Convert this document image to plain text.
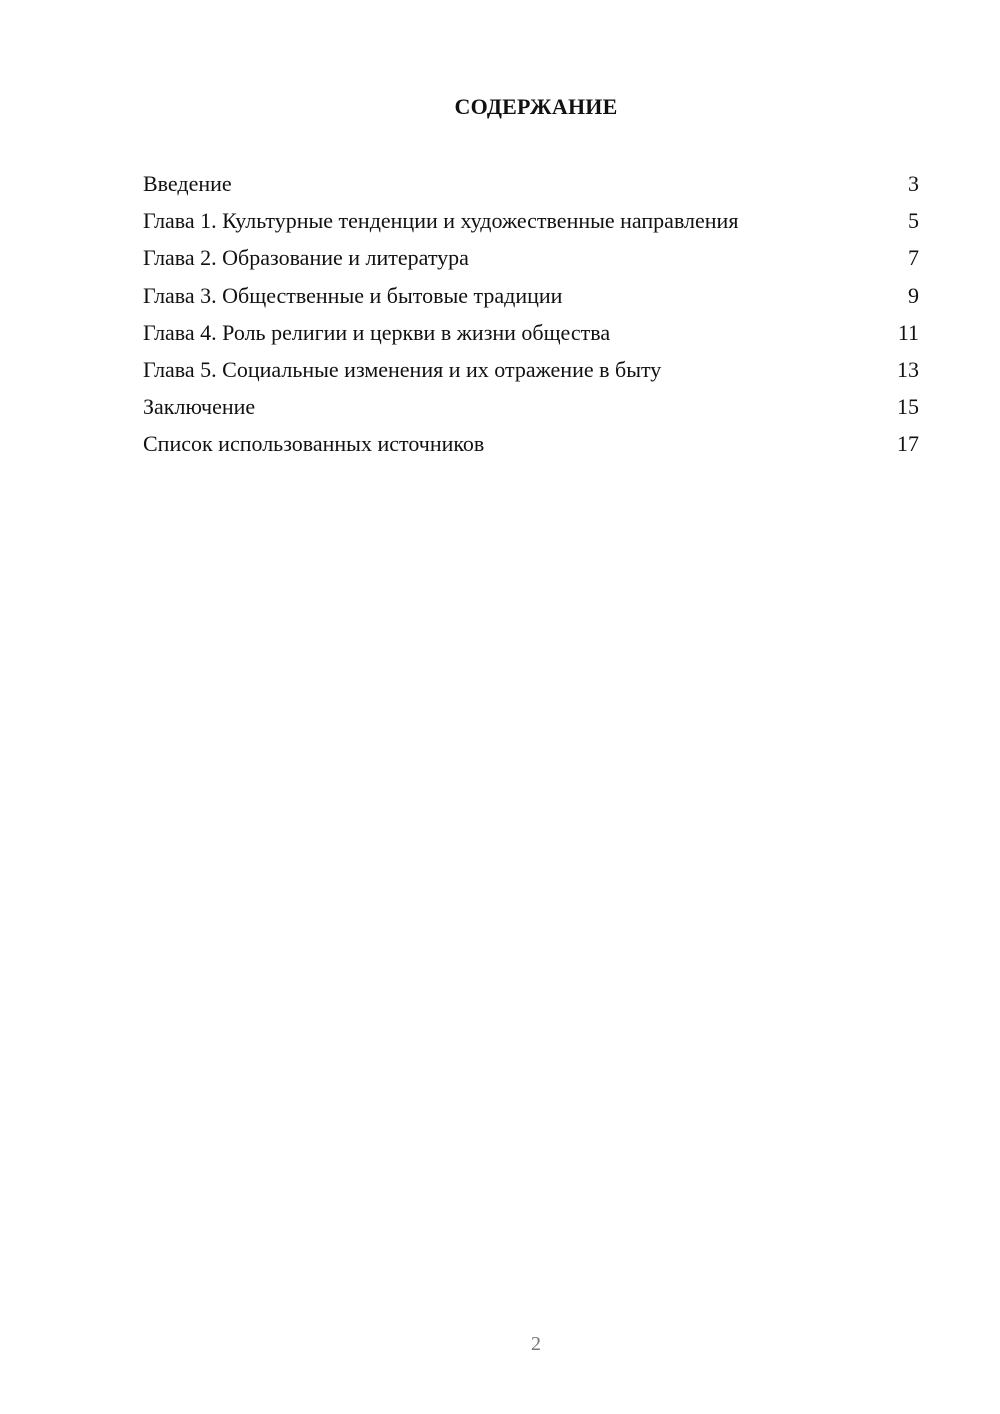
СОДЕРЖАНИЕ
Введение	3
Глава 1. Культурные тенденции и художественные направления	5
Глава 2. Образование и литература	7
Глава 3. Общественные и бытовые традиции	9
Глава 4. Роль религии и церкви в жизни общества	11
Глава 5. Социальные изменения и их отражение в быту	13
Заключение	15
Список использованных источников	17
2
